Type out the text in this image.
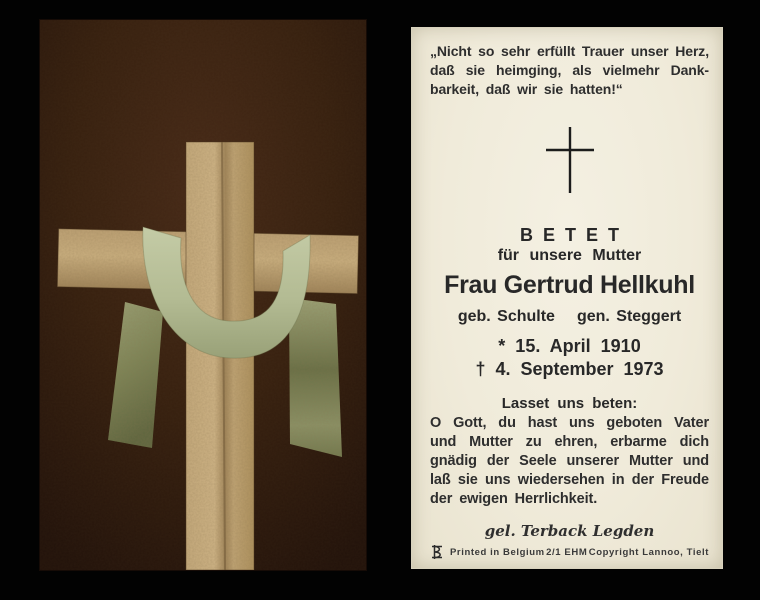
„Nicht so sehr erfüllt Trauer unser Herz,
daß sie heimging, als vielmehr Dank-
barkeit, daß wir sie hatten!“
BETET
für unsere Mutter
Frau Gertrud Hellkuhl
geb. Schulte gen. Steggert
* 15. April 1910
† 4. September 1973
Lasset uns beten:
O Gott, du hast uns geboten Vater
und Mutter zu ehren, erbarme dich
gnädig der Seele unserer Mutter und
laß sie uns wiedersehen in der Freude
der ewigen Herrlichkeit.
gel. Terback Legden
Printed in Belgium 2/1 EHM Copyright Lannoo, Tielt
